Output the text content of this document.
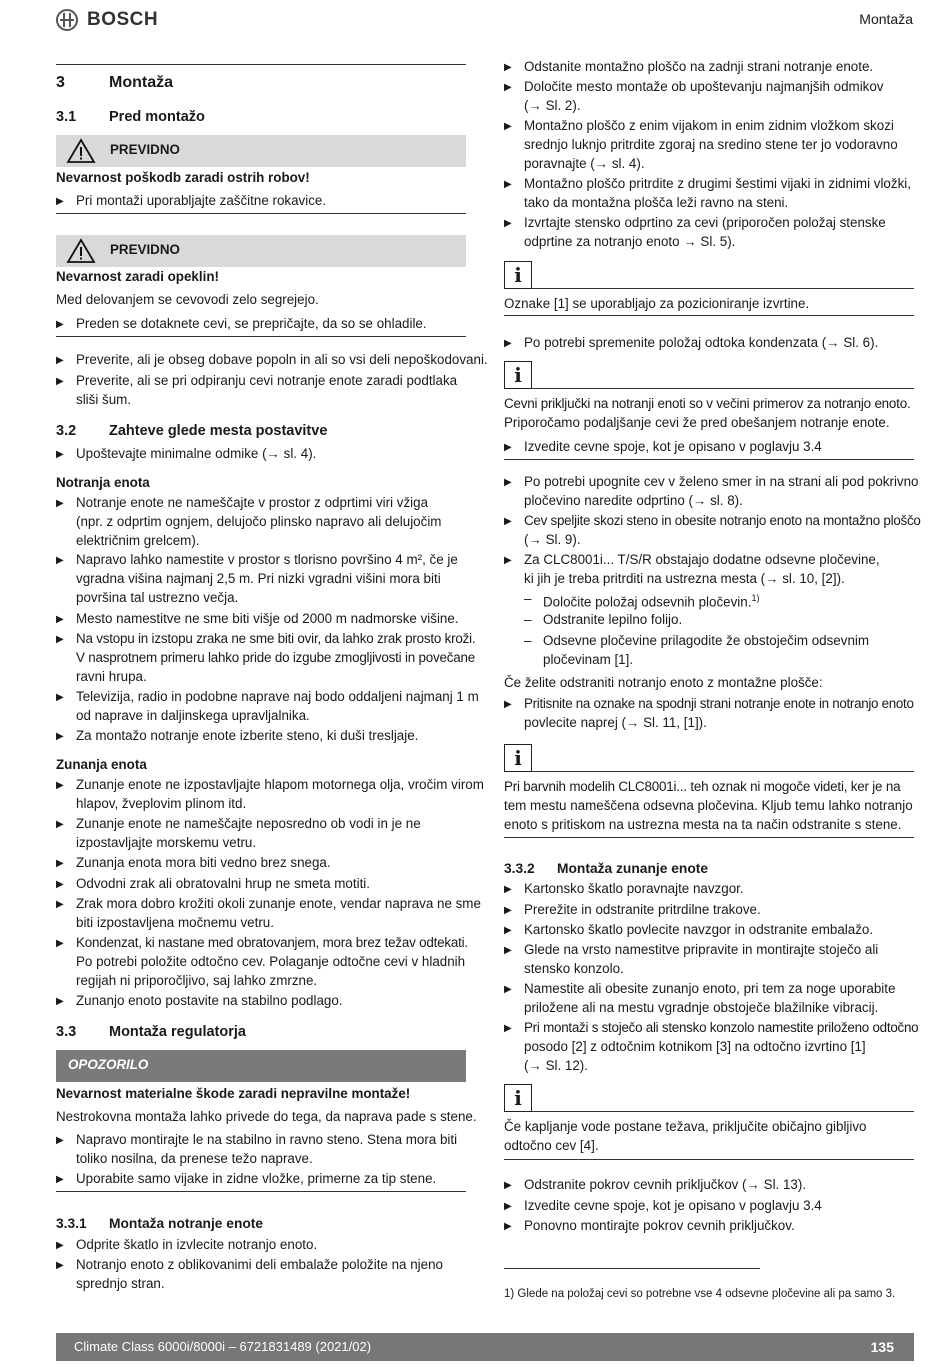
BOSCH	Montaža
3	Montaža
3.1 Pred montažo
PREVIDNO
Nevarnost poškodb zaradi ostrih robov!
▶ Pri montaži uporabljajte zaščitne rokavice.
PREVIDNO
Nevarnost zaradi opeklin!
Med delovanjem se cevovodi zelo segrejejo.
▶ Preden se dotaknete cevi, se prepričajte, da so se ohladile.
▶ Preverite, ali je obseg dobave popoln in ali so vsi deli nepoškodovani.
▶ Preverite, ali se pri odpiranju cevi notranje enote zaradi podtlaka
sliši šum.
3.2 Zahteve glede mesta postavitve
▶ Upoštevajte minimalne odmike (→ sl. 4).
Notranja enota
▶ Notranje enote ne nameščajte v prostor z odprtimi viri vžiga
(npr. z odprtim ognjem, delujočo plinsko napravo ali delujočim
električnim grelcem).
▶ Napravo lahko namestite v prostor s tlorisno površino 4 m², če je
vgradna višina najmanj 2,5 m. Pri nizki vgradni višini mora biti
površina tal ustrezno večja.
▶ Mesto namestitve ne sme biti višje od 2000 m nadmorske višine.
▶ Na vstopu in izstopu zraka ne sme biti ovir, da lahko zrak prosto kroži.
V nasprotnem primeru lahko pride do izgube zmogljivosti in povečane
ravni hrupa.
▶ Televizija, radio in podobne naprave naj bodo oddaljeni najmanj 1 m
od naprave in daljinskega upravljalnika.
▶ Za montažo notranje enote izberite steno, ki duši tresljaje.
Zunanja enota
▶ Zunanje enote ne izpostavljajte hlapom motornega olja, vročim virom
hlapov, žveplovim plinom itd.
▶ Zunanje enote ne nameščajte neposredno ob vodi in je ne
izpostavljajte morskemu vetru.
▶ Zunanja enota mora biti vedno brez snega.
▶ Odvodni zrak ali obratovalni hrup ne smeta motiti.
▶ Zrak mora dobro krožiti okoli zunanje enote, vendar naprava ne sme
biti izpostavljena močnemu vetru.
▶ Kondenzat, ki nastane med obratovanjem, mora brez težav odtekati.
Po potrebi položite odtočno cev. Polaganje odtočne cevi v hladnih
regijah ni priporočljivo, saj lahko zmrzne.
▶ Zunanjo enoto postavite na stabilno podlago.
3.3 Montaža regulatorja
OPOZORILO
Nevarnost materialne škode zaradi nepravilne montaže!
Nestrokovna montaža lahko privede do tega, da naprava pade s stene.
▶ Napravo montirajte le na stabilno in ravno steno. Stena mora biti
toliko nosilna, da prenese težo naprave.
▶ Uporabite samo vijake in zidne vložke, primerne za tip stene.
3.3.1 Montaža notranje enote
▶ Odprite škatlo in izvlecite notranjo enoto.
▶ Notranjo enoto z oblikovanimi deli embalaže položite na njeno
sprednjo stran.
▶ Odstanite montažno ploščo na zadnji strani notranje enote.
▶ Določite mesto montaže ob upoštevanju najmanjših odmikov
(→ Sl. 2).
▶ Montažno ploščo z enim vijakom in enim zidnim vložkom skozi
srednjo luknjo pritrdite zgoraj na sredino stene ter jo vodoravno
poravnajte (→ sl. 4).
▶ Montažno ploščo pritrdite z drugimi šestimi vijaki in zidnimi vložki,
tako da montažna plošča leži ravno na steni.
▶ Izvrtajte stensko odprtino za cevi (priporočen položaj stenske
odprtine za notranjo enoto → Sl. 5).
i
Oznake [1] se uporabljajo za pozicioniranje izvrtine.
▶ Po potrebi spremenite položaj odtoka kondenzata (→ Sl. 6).
i
Cevni priključki na notranji enoti so v večini primerov za notranjo enoto.
Priporočamo podaljšanje cevi že pred obešanjem notranje enote.
▶ Izvedite cevne spoje, kot je opisano v poglavju 3.4
▶ Po potrebi upognite cev v želeno smer in na strani ali pod pokrivno
pločevino naredite odprtino (→ sl. 8).
▶ Cev speljite skozi steno in obesite notranjo enoto na montažno ploščo
(→ Sl. 9).
▶ Za CLC8001i... T/S/R obstajajo dodatne odsevne pločevine,
ki jih je treba pritrditi na ustrezna mesta (→ sl. 10, [2]).
– Določite položaj odsevnih pločevin.$^{1)}$
– Odstranite lepilno folijo.
– Odsevne pločevine prilagodite že obstoječim odsevnim
pločevinam [1].
Če želite odstraniti notranjo enoto z montažne plošče:
▶ Pritisnite na oznake na spodnji strani notranje enote in notranjo enoto
povlecite naprej (→ Sl. 11, [1]).
i
Pri barvnih modelih CLC8001i... teh oznak ni mogoče videti, ker je na
tem mestu nameščena odsevna pločevina. Kljub temu lahko notranjo
enoto s pritiskom na ustrezna mesta na ta način odstranite s stene.
3.3.2 Montaža zunanje enote
▶ Kartonsko škatlo poravnajte navzgor.
▶ Prerežite in odstranite pritrdilne trakove.
▶ Kartonsko škatlo povlecite navzgor in odstranite embalažo.
▶ Glede na vrsto namestitve pripravite in montirajte stoječo ali
stensko konzolo.
▶ Namestite ali obesite zunanjo enoto, pri tem za noge uporabite
priložene ali na mestu vgradnje obstoječe blažilnike vibracij.
▶ Pri montaži s stoječo ali stensko konzolo namestite priloženo odtočno
posodo [2] z odtočnim kotnikom [3] na odtočno izvrtino [1]
(→ Sl. 12).
i
Če kapljanje vode postane težava, priključite običajno gibljivo
odtočno cev [4].
▶ Odstranite pokrov cevnih priključkov (→ Sl. 13).
▶ Izvedite cevne spoje, kot je opisano v poglavju 3.4
▶ Ponovno montirajte pokrov cevnih priključkov.
1) Glede na položaj cevi so potrebne vse 4 odsevne pločevine ali pa samo 3.
Climate Class 6000i/8000i – 6721831489 (2021/02)	135
